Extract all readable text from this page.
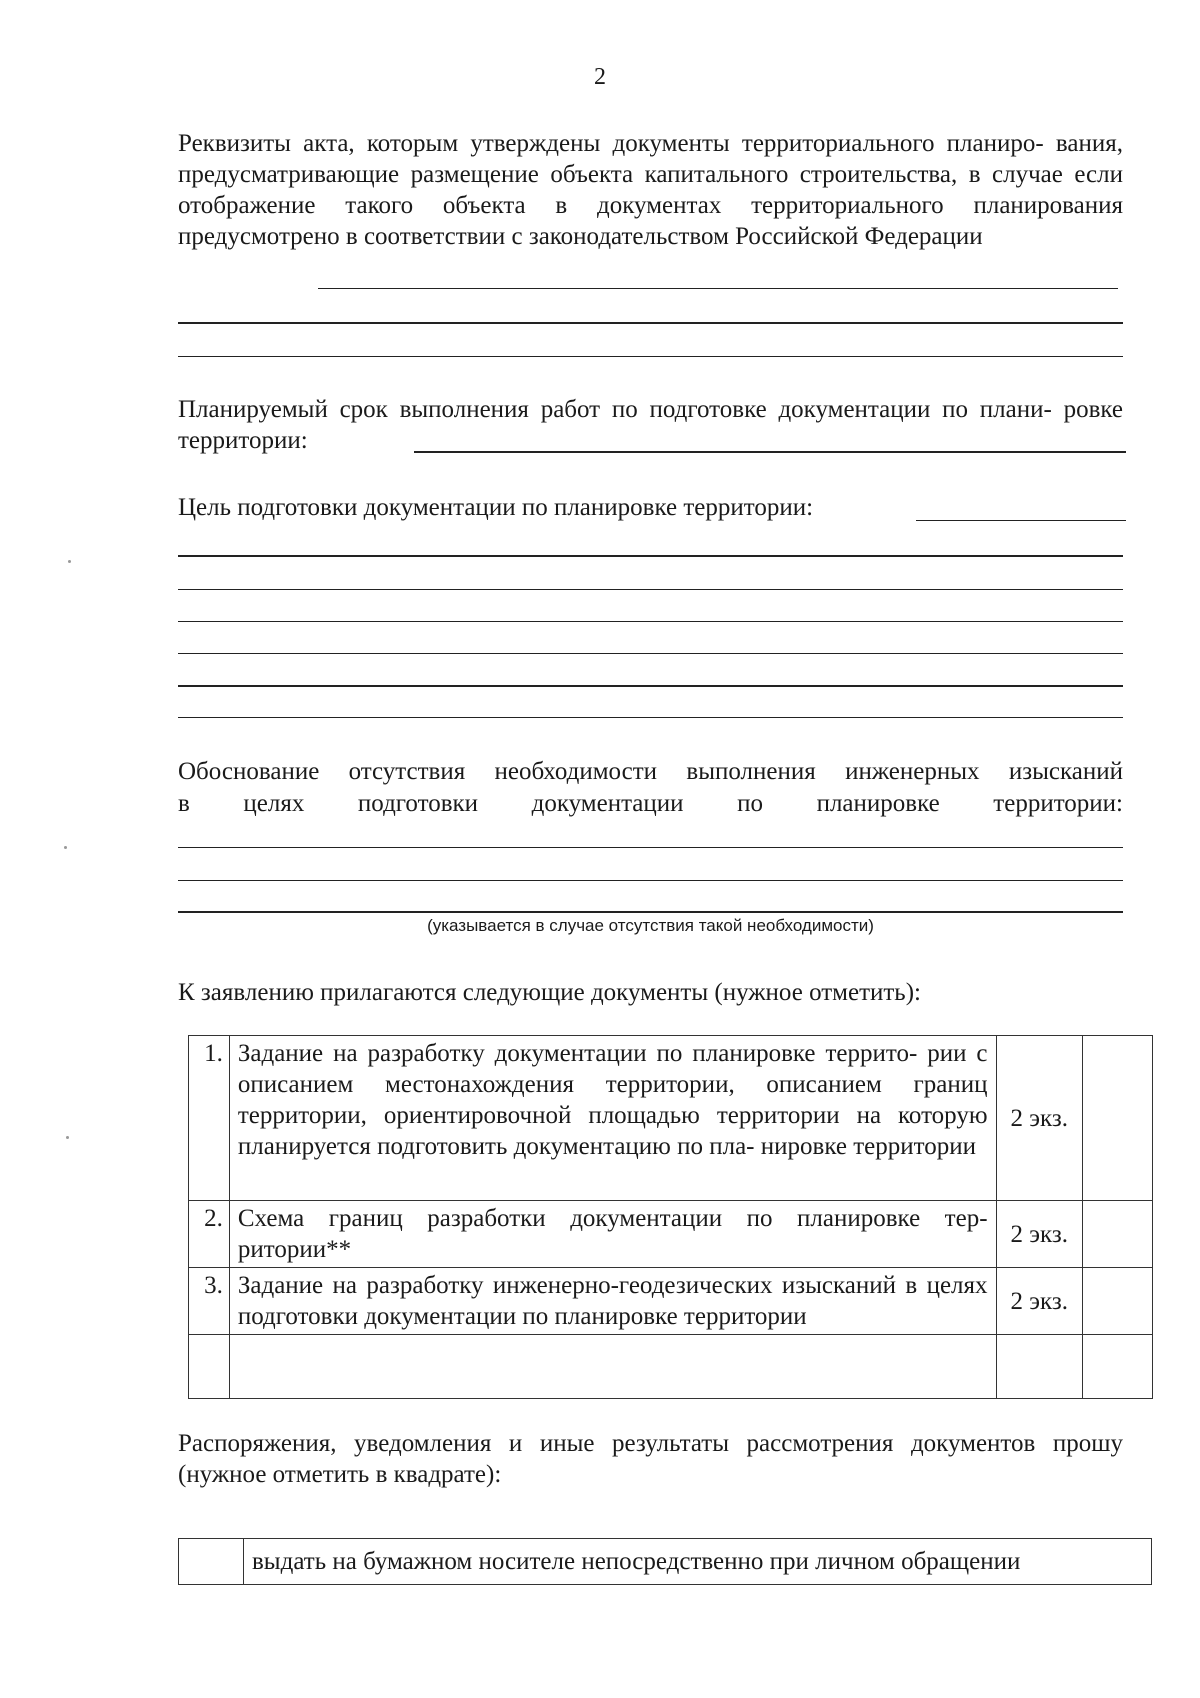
2
Реквизиты акта, которым утверждены документы территориального планиро- вания, предусматривающие размещение объекта капитального строительства, в случае если отображение такого объекта в документах территориального планирования предусмотрено в соответствии с законодательством Российской Федерации
Планируемый срок выполнения работ по подготовке документации по плани- ровке территории:
Цель подготовки документации по планировке территории:
Обоснование отсутствия необходимости выполнения инженерных изысканий
в целях подготовки документации по планировке территории:
(указывается в случае отсутствия такой необходимости)
К заявлению прилагаются следующие документы (нужное отметить):
1.	Задание на разработку документации по планировке террито- рии с описанием местонахождения территории, описанием границ территории, ориентировочной площадью территории на которую планируется подготовить документацию по пла- нировке территории	2 экз.	
2.	Схема границ разработки документации по планировке тер- ритории**	2 экз.	
3.	Задание на разработку инженерно-геодезических изысканий в целях подготовки документации по планировке территории	2 экз.	

Распоряжения, уведомления и иные результаты рассмотрения документов прошу (нужное отметить в квадрате):
	выдать на бумажном носителе непосредственно при личном обращении
